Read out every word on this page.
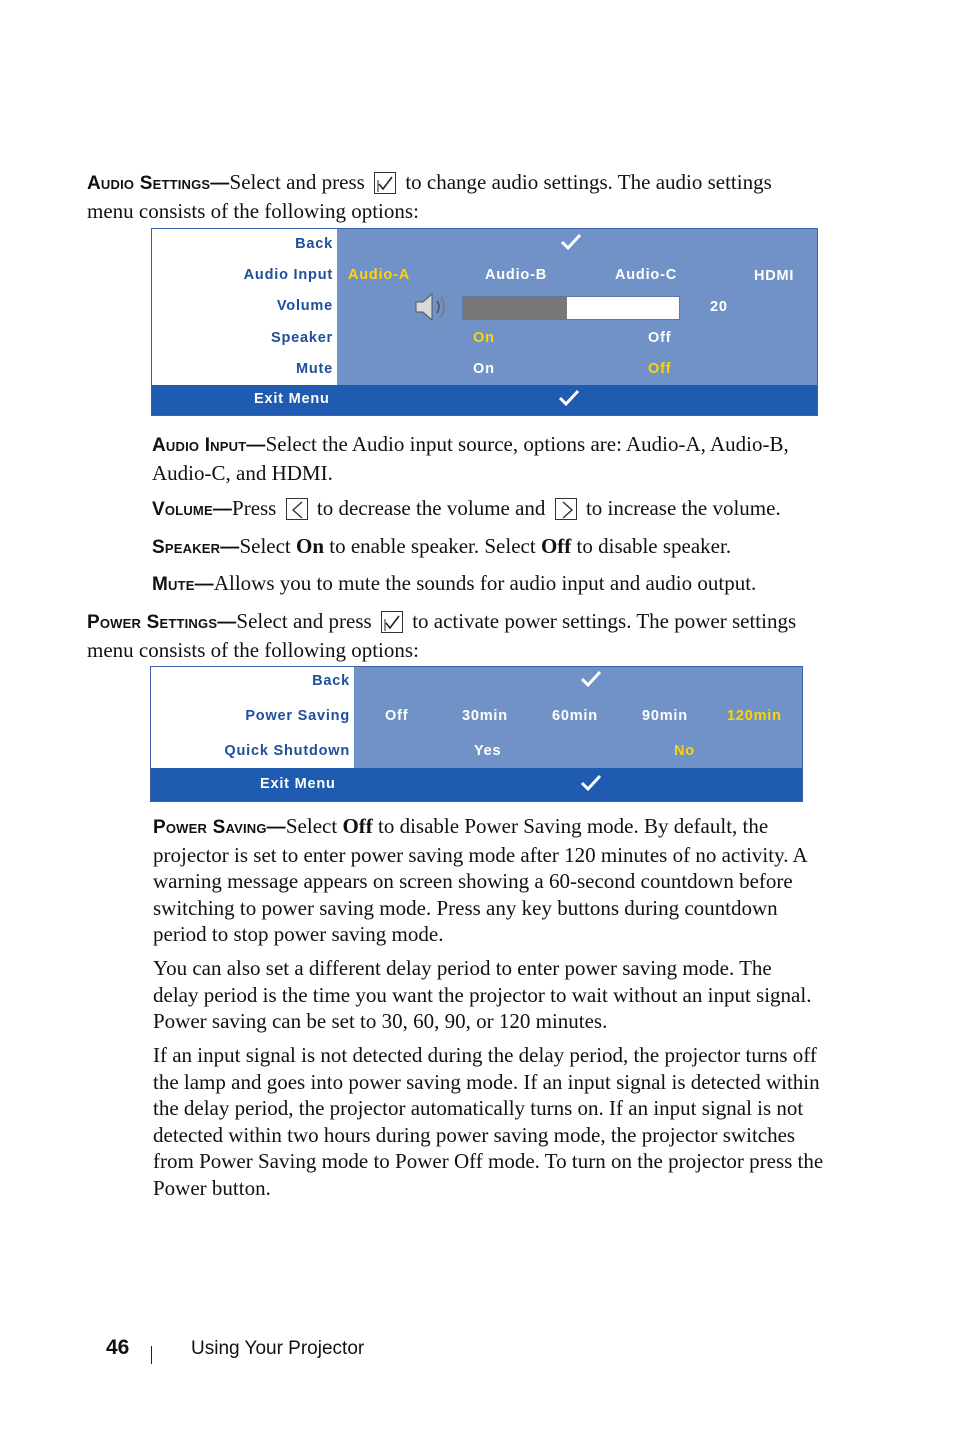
Audio Settings—Select and press
to change audio settings. The audio settings menu consists of the following options:

Back
Audio Input Audio-A	Audio-B	Audio-C	HDMI
Volume	20
Speaker	On	Off
Mute	On	Off
Exit Menu

Audio Input—Select the Audio input source, options are: Audio-A, Audio-B, Audio-C, and HDMI.

Volume—Press
to decrease the volume and
to increase the volume.

Speaker—Select On to enable speaker. Select Off to disable speaker.

Mute—Allows you to mute the sounds for audio input and audio output.

Power Settings—Select and press
to activate power settings. The power settings menu consists of the following options:

Back
Power Saving Off	30min	60min	90min	120min
Quick Shutdown	Yes	No
Exit Menu

Power Saving—Select Off to disable Power Saving mode. By default, the projector is set to enter power saving mode after 120 minutes of no activity. A warning message appears on screen showing a 60-second countdown before switching to power saving mode. Press any key buttons during countdown period to stop power saving mode.

You can also set a different delay period to enter power saving mode. The delay period is the time you want the projector to wait without an input signal. Power saving can be set to 30, 60, 90, or 120 minutes.

If an input signal is not detected during the delay period, the projector turns off the lamp and goes into power saving mode. If an input signal is detected within the delay period, the projector automatically turns on. If an input signal is not detected within two hours during power saving mode, the projector switches from Power Saving mode to Power Off mode. To turn on the projector press the Power button.

46	Using Your Projector
